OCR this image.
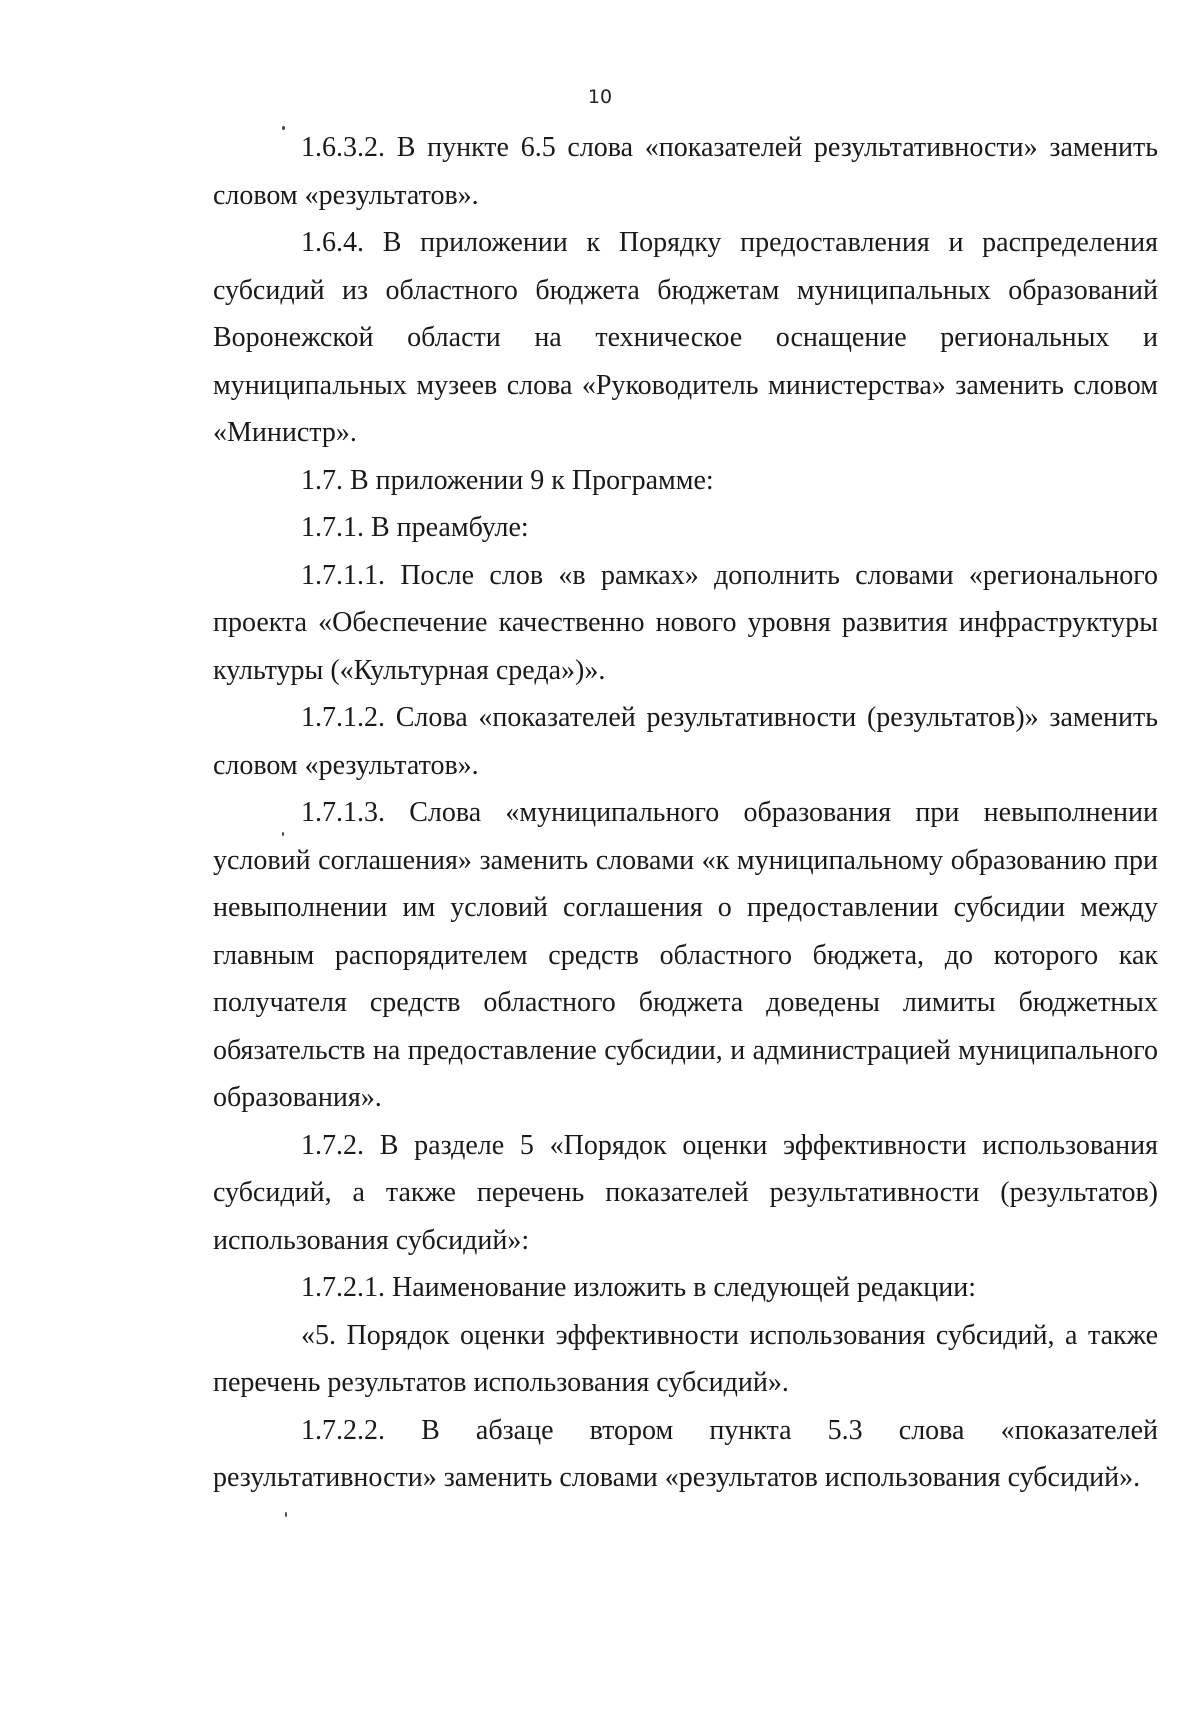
10

1.6.3.2. В пункте 6.5 слова «показателей результативности» заменить словом «результатов».

1.6.4. В приложении к Порядку предоставления и распределения субсидий из областного бюджета бюджетам муниципальных образований Воронежской области на техническое оснащение региональных и муниципальных музеев слова «Руководитель министерства» заменить словом «Министр».

1.7. В приложении 9 к Программе:

1.7.1. В преамбуле:

1.7.1.1. После слов «в рамках» дополнить словами «регионального проекта «Обеспечение качественно нового уровня развития инфраструктуры культуры («Культурная среда»)».

1.7.1.2. Слова «показателей результативности (результатов)» заменить словом «результатов».

1.7.1.3. Слова «муниципального образования при невыполнении условий соглашения» заменить словами «к муниципальному образованию при невыполнении им условий соглашения о предоставлении субсидии между главным распорядителем средств областного бюджета, до которого как получателя средств областного бюджета доведены лимиты бюджетных обязательств на предоставление субсидии, и администрацией муниципального образования».

1.7.2. В разделе 5 «Порядок оценки эффективности использования субсидий, а также перечень показателей результативности (результатов) использования субсидий»:

1.7.2.1. Наименование изложить в следующей редакции:

«5. Порядок оценки эффективности использования субсидий, а также перечень результатов использования субсидий».

1.7.2.2. В абзаце втором пункта 5.3 слова «показателей результативности» заменить словами «результатов использования субсидий».
